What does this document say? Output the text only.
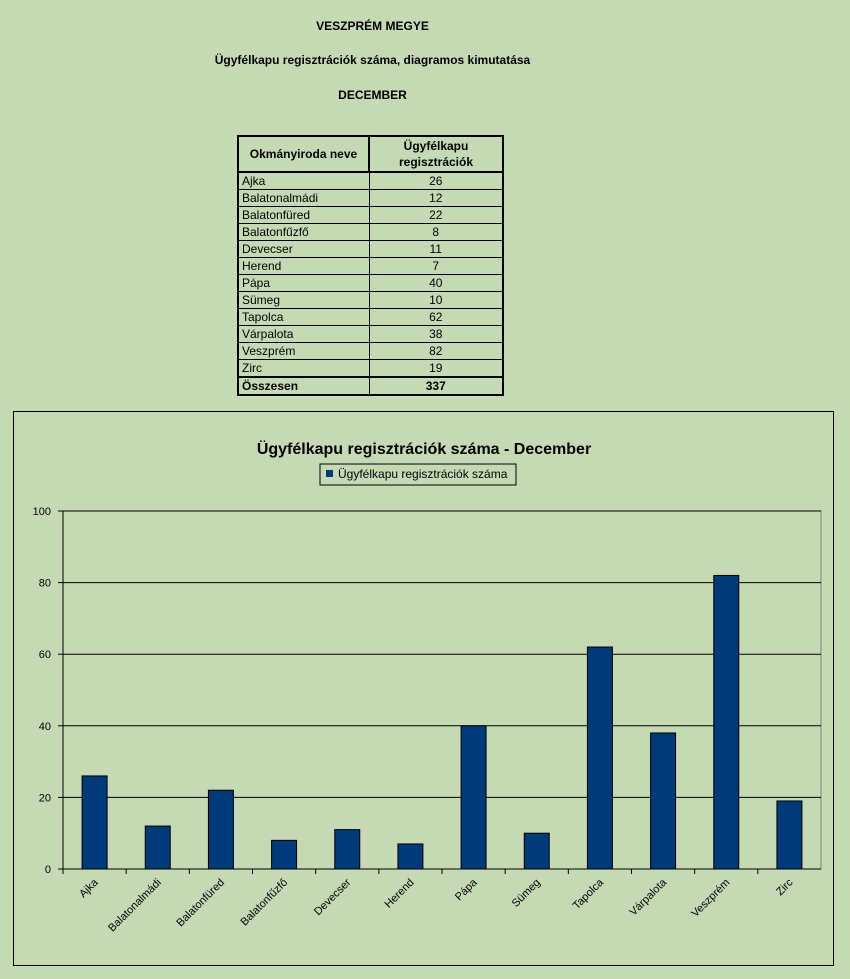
VESZPRÉM MEGYE
Ügyfélkapu regisztrációk száma, diagramos kimutatása
DECEMBER
Okmányiroda neve	Ügyfélkapu regisztrációk
Ajka	26
Balatonalmádi	12
Balatonfüred	22
Balatonfűzfő	8
Devecser	11
Herend	7
Pápa	40
Sümeg	10
Tapolca	62
Várpalota	38
Veszprém	82
Zirc	19
Összesen	337
Ügyfélkapu regisztrációk száma - December
Ügyfélkapu regisztrációk száma
0
20
40
60
80
100
Ajka Balatonalmádi Balatonfüred Balatonfűzfő Devecser	Herend	Pápa	Sümeg	Tapolca Várpalota Veszprém	Zirc
